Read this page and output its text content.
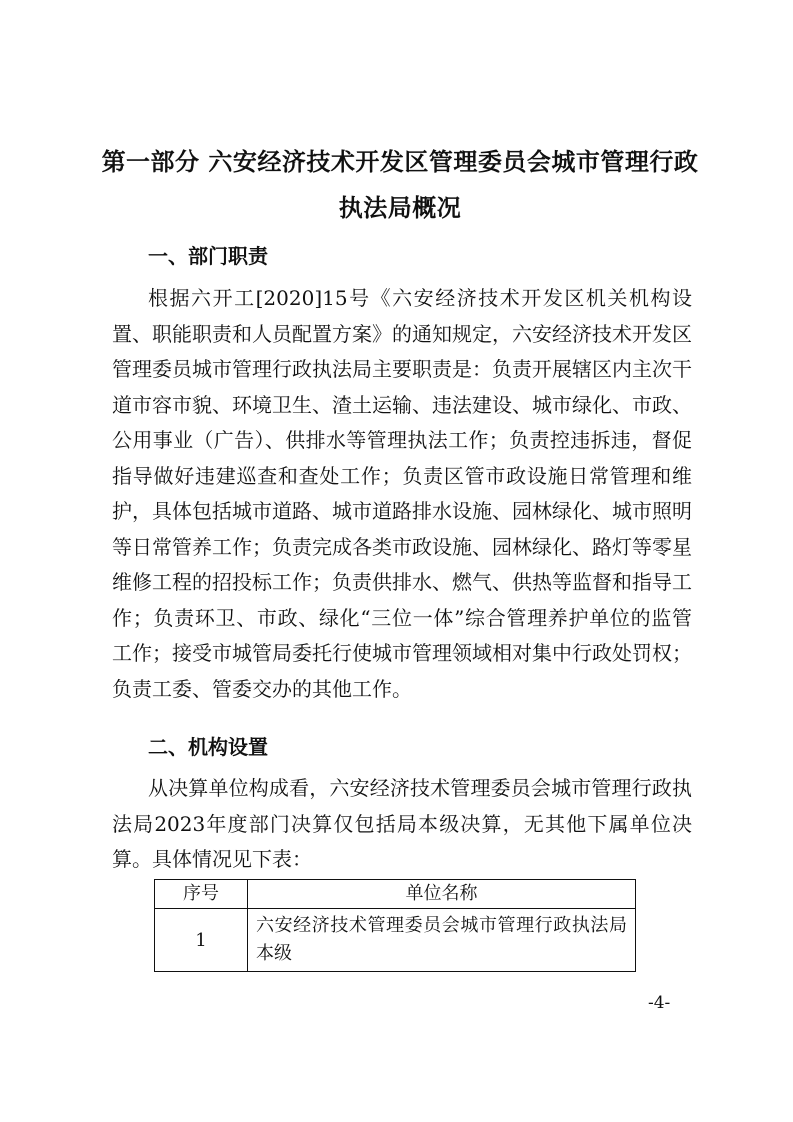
第一部分 六安经济技术开发区管理委员会城市管理行政
执法局概况
一、部门职责

根据六开工[2020]15号《六安经济技术开发区机关机构设置、职能职责和人员配置方案》的通知规定，六安经济技术开发区管理委员城市管理行政执法局主要职责是：负责开展辖区内主次干道市容市貌、环境卫生、渣土运输、违法建设、城市绿化、市政、公用事业（广告）、供排水等管理执法工作；负责控违拆违，督促指导做好违建巡查和查处工作；负责区管市政设施日常管理和维护，具体包括城市道路、城市道路排水设施、园林绿化、城市照明等日常管养工作；负责完成各类市政设施、园林绿化、路灯等零星维修工程的招投标工作；负责供排水、燃气、供热等监督和指导工作；负责环卫、市政、绿化“三位一体”综合管理养护单位的监管工作；接受市城管局委托行使城市管理领域相对集中行政处罚权；负责工委、管委交办的其他工作。

二、机构设置

从决算单位构成看，六安经济技术管理委员会城市管理行政执法局2023年度部门决算仅包括局本级决算，无其他下属单位决算。具体情况见下表：

序号	单位名称
1	六安经济技术管理委员会城市管理行政执法局本级
-4-
